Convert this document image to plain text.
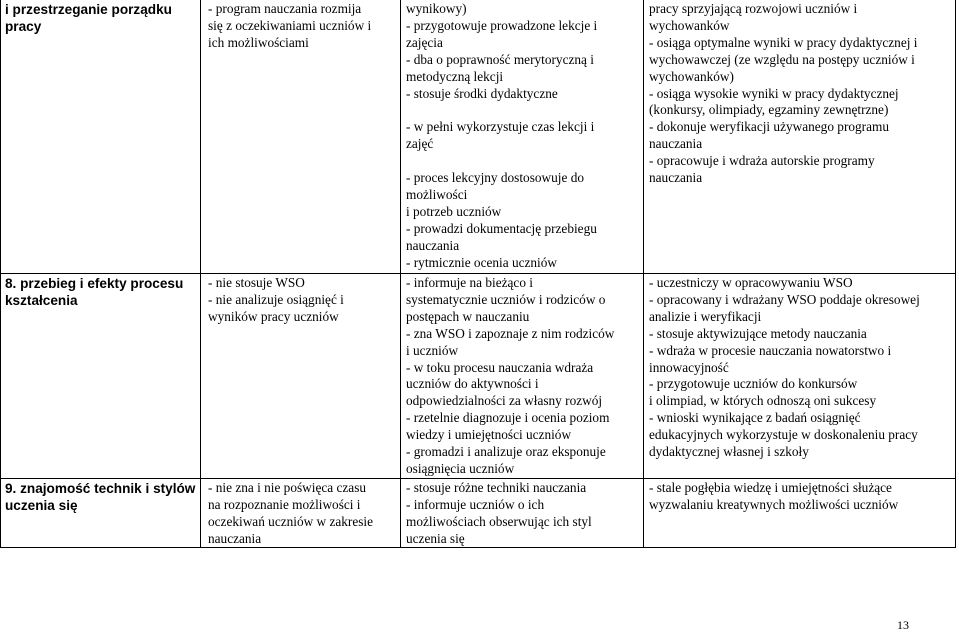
i przestrzeganie porządku
pracy
- program nauczania rozmija
się z oczekiwaniami uczniów i
ich możliwościami
wynikowy)
- przygotowuje prowadzone lekcje i
zajęcia
- dba o poprawność merytoryczną i
metodyczną lekcji
- stosuje środki dydaktyczne

- w pełni wykorzystuje czas lekcji i
zajęć

- proces lekcyjny dostosowuje do
możliwości
i potrzeb uczniów
- prowadzi dokumentację przebiegu
nauczania
- rytmicznie ocenia uczniów
pracy sprzyjającą rozwojowi uczniów i
wychowanków
- osiąga optymalne wyniki w pracy dydaktycznej i
wychowawczej (ze względu na postępy uczniów i
wychowanków)
- osiąga wysokie wyniki w pracy dydaktycznej
(konkursy, olimpiady, egzaminy zewnętrzne)
- dokonuje weryfikacji używanego programu
nauczania
- opracowuje i wdraża autorskie programy
nauczania
8. przebieg i efekty procesu
kształcenia
- nie stosuje WSO
- nie analizuje osiągnięć i
wyników pracy uczniów
- informuje na bieżąco i
systematycznie uczniów i rodziców o
postępach w nauczaniu
- zna WSO i zapoznaje z nim rodziców
i uczniów
- w toku procesu nauczania wdraża
uczniów do aktywności i
odpowiedzialności za własny rozwój
- rzetelnie diagnozuje i ocenia poziom
wiedzy i umiejętności uczniów
- gromadzi i analizuje oraz eksponuje
osiągnięcia uczniów
- uczestniczy w opracowywaniu WSO
- opracowany i wdrażany WSO poddaje okresowej
analizie i weryfikacji
- stosuje aktywizujące metody nauczania
- wdraża w procesie nauczania nowatorstwo i
innowacyjność
- przygotowuje uczniów do konkursów
i olimpiad, w których odnoszą oni sukcesy
- wnioski wynikające z badań osiągnięć
edukacyjnych wykorzystuje w doskonaleniu pracy
dydaktycznej własnej i szkoły
9. znajomość technik i stylów
uczenia się
- nie zna i nie poświęca czasu
na rozpoznanie możliwości i
oczekiwań uczniów w zakresie
nauczania
- stosuje różne techniki nauczania
- informuje uczniów o ich
możliwościach obserwując ich styl
uczenia się
- stale pogłębia wiedzę i umiejętności służące
wyzwalaniu kreatywnych możliwości uczniów
13
